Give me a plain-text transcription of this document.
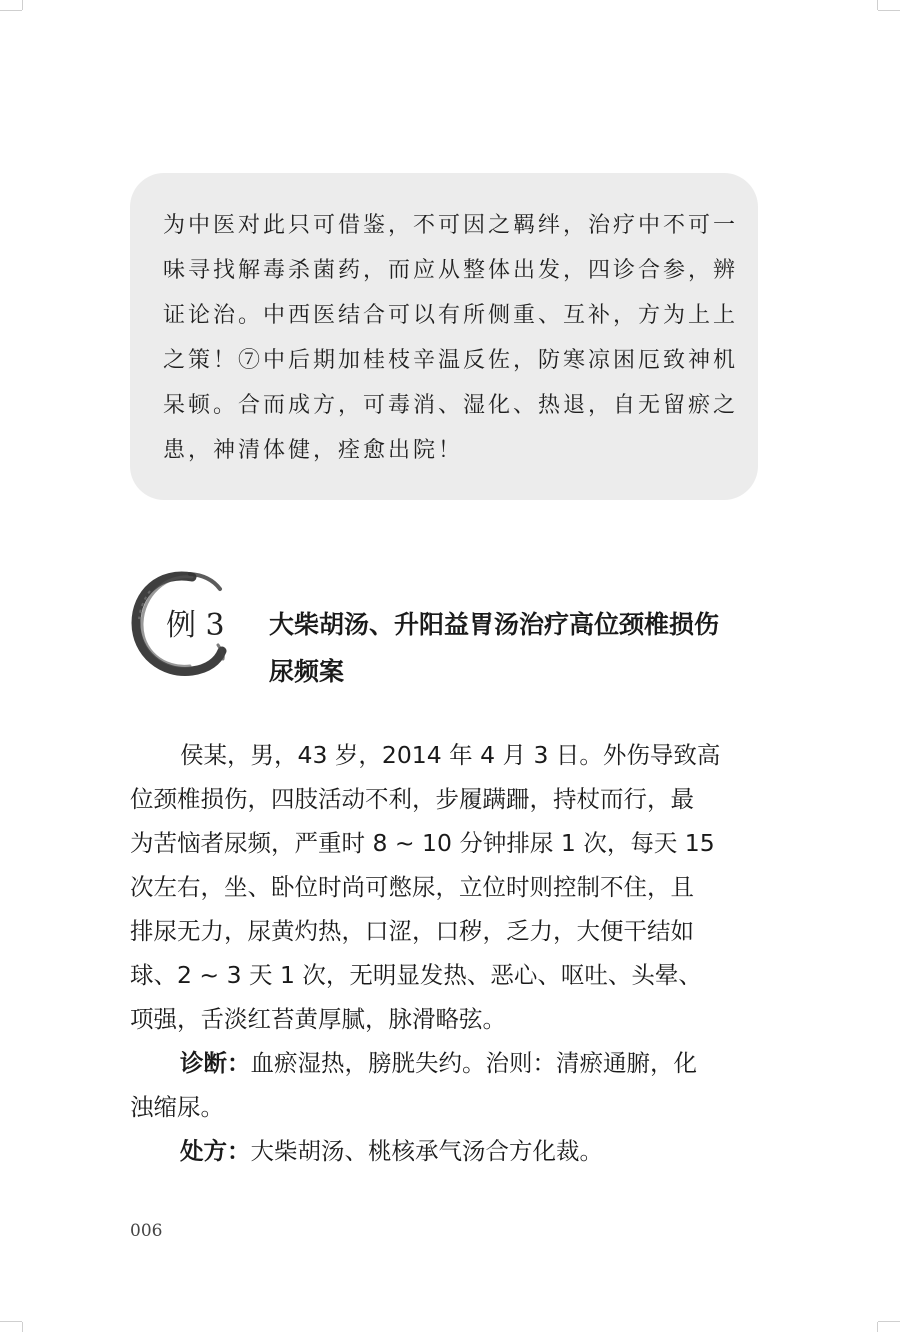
为中医对此只可借鉴，不可因之羁绊，治疗中不可一
味寻找解毒杀菌药，而应从整体出发，四诊合参，辨
证论治。中西医结合可以有所侧重、互补，方为上上
之策！⑦中后期加桂枝辛温反佐，防寒凉困厄致神机
呆顿。合而成方，可毒消、湿化、热退，自无留瘀之
患，神清体健，痊愈出院！
例 3 大柴胡汤、升阳益胃汤治疗高位颈椎损伤
尿频案
侯某，男，43 岁，2014 年 4 月 3 日。外伤导致高
位颈椎损伤，四肢活动不利，步履蹒跚，持杖而行，最
为苦恼者尿频，严重时 8 ~ 10 分钟排尿 1 次，每天 15
次左右，坐、卧位时尚可憋尿，立位时则控制不住，且
排尿无力，尿黄灼热，口涩，口秽，乏力，大便干结如
球、2 ~ 3 天 1 次，无明显发热、恶心、呕吐、头晕、
项强，舌淡红苔黄厚腻，脉滑略弦。
诊断：血瘀湿热，膀胱失约。治则：清瘀通腑，化
浊缩尿。
处方：大柴胡汤、桃核承气汤合方化裁。
006
